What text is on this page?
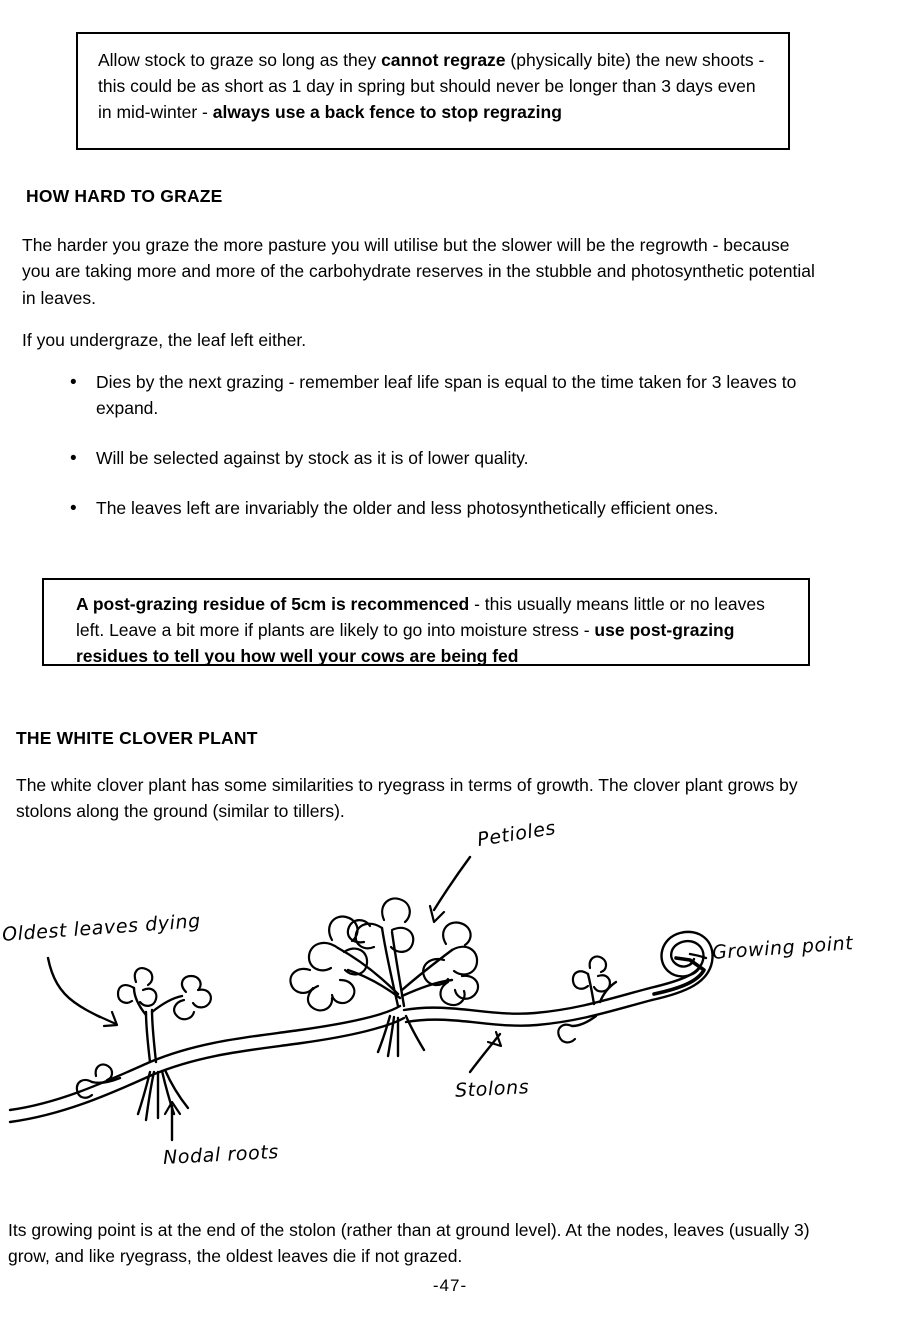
Allow stock to graze so long as they cannot regraze (physically bite) the new shoots - this could be as short as 1 day in spring but should never be longer than 3 days even in mid-winter - always use a back fence to stop regrazing

HOW HARD TO GRAZE

The harder you graze the more pasture you will utilise but the slower will be the regrowth - because you are taking more and more of the carbohydrate reserves in the stubble and photosynthetic potential in leaves.

If you undergraze, the leaf left either.

• Dies by the next grazing - remember leaf life span is equal to the time taken for 3 leaves to expand.
• Will be selected against by stock as it is of lower quality.
• The leaves left are invariably the older and less photosynthetically efficient ones.

A post-grazing residue of 5cm is recommenced - this usually means little or no leaves left. Leave a bit more if plants are likely to go into moisture stress - use post-grazing residues to tell you how well your cows are being fed

THE WHITE CLOVER PLANT

The white clover plant has some similarities to ryegrass in terms of growth. The clover plant grows by stolons along the ground (similar to tillers).

Petioles
Oldest leaves dying
Growing point
Stolons
Nodal roots

Its growing point is at the end of the stolon (rather than at ground level). At the nodes, leaves (usually 3) grow, and like ryegrass, the oldest leaves die if not grazed.

-47-
